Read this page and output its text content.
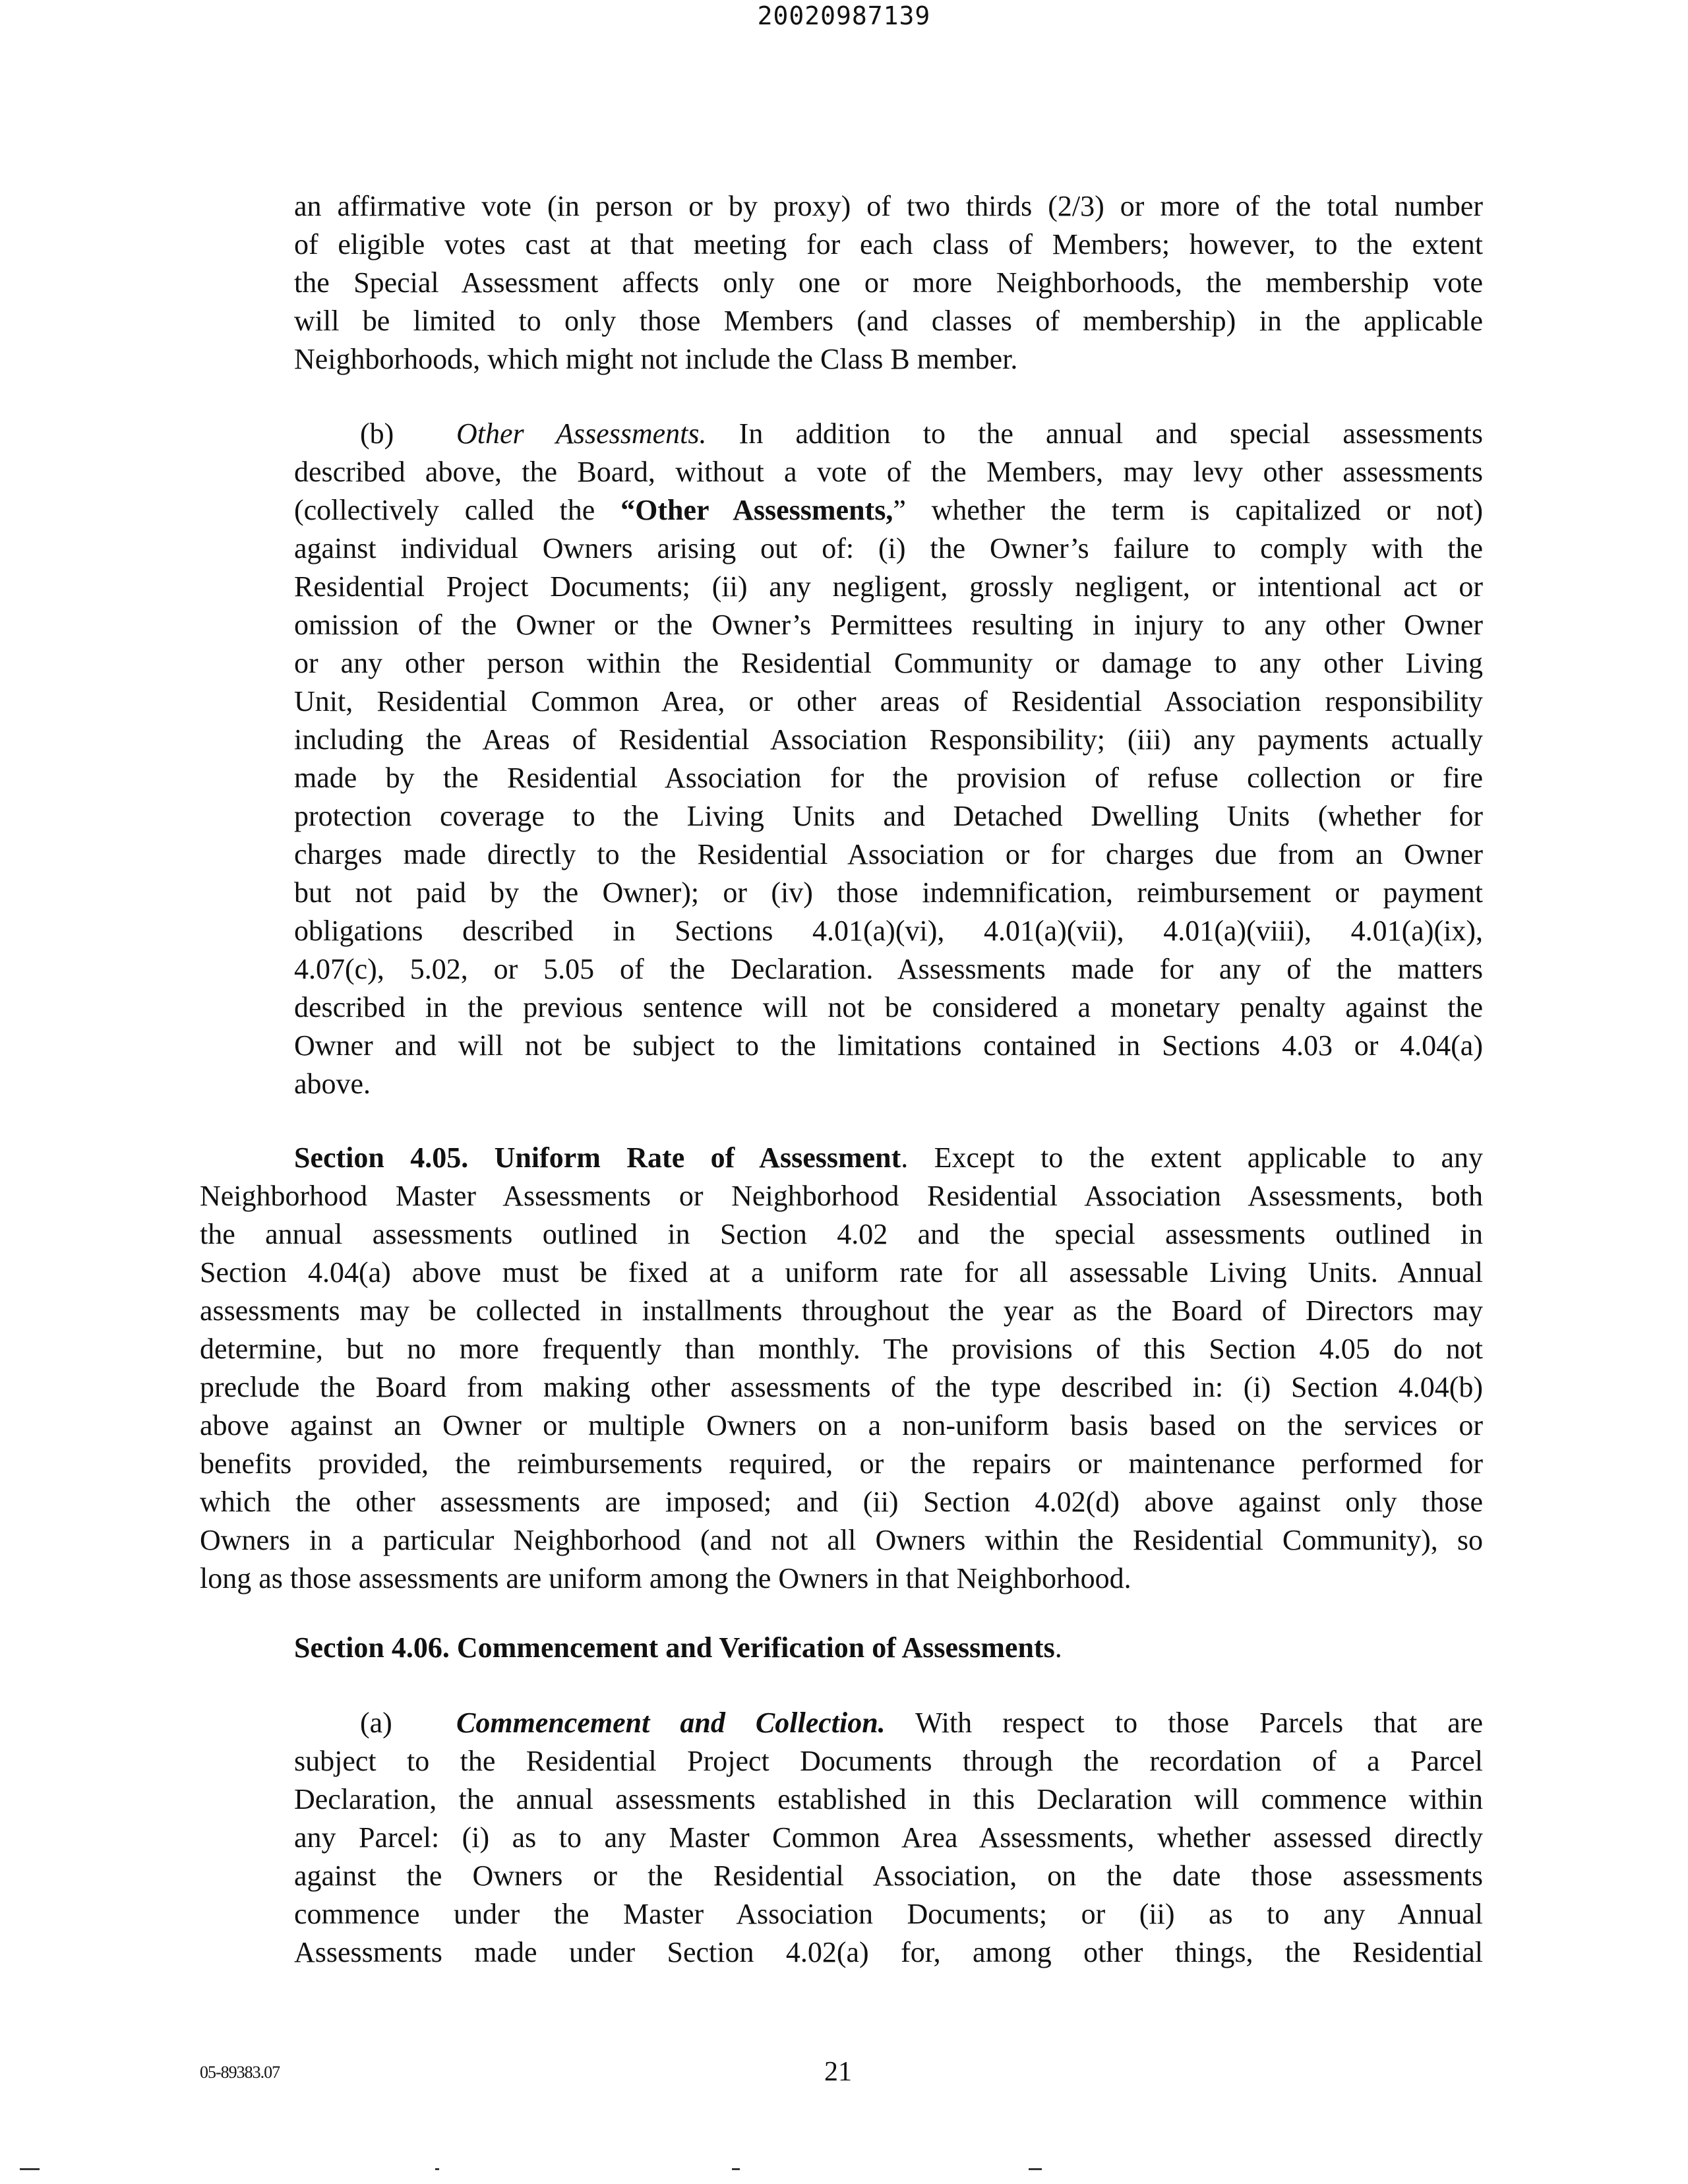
20020987139
an affirmative vote (in person or by proxy) of two thirds (2/3) or more of the total number
of eligible votes cast at that meeting for each class of Members; however, to the extent
the Special Assessment affects only one or more Neighborhoods, the membership vote
will be limited to only those Members (and classes of membership) in the applicable
Neighborhoods, which might not include the Class B member.
(b) Other Assessments. In addition to the annual and special assessments
described above, the Board, without a vote of the Members, may levy other assessments
(collectively called the “Other Assessments,” whether the term is capitalized or not)
against individual Owners arising out of: (i) the Owner’s failure to comply with the
Residential Project Documents; (ii) any negligent, grossly negligent, or intentional act or
omission of the Owner or the Owner’s Permittees resulting in injury to any other Owner
or any other person within the Residential Community or damage to any other Living
Unit, Residential Common Area, or other areas of Residential Association responsibility
including the Areas of Residential Association Responsibility; (iii) any payments actually
made by the Residential Association for the provision of refuse collection or fire
protection coverage to the Living Units and Detached Dwelling Units (whether for
charges made directly to the Residential Association or for charges due from an Owner
but not paid by the Owner); or (iv) those indemnification, reimbursement or payment
obligations described in Sections 4.01(a)(vi), 4.01(a)(vii), 4.01(a)(viii), 4.01(a)(ix),
4.07(c), 5.02, or 5.05 of the Declaration. Assessments made for any of the matters
described in the previous sentence will not be considered a monetary penalty against the
Owner and will not be subject to the limitations contained in Sections 4.03 or 4.04(a)
above.
Section 4.05. Uniform Rate of Assessment. Except to the extent applicable to any
Neighborhood Master Assessments or Neighborhood Residential Association Assessments, both
the annual assessments outlined in Section 4.02 and the special assessments outlined in
Section 4.04(a) above must be fixed at a uniform rate for all assessable Living Units. Annual
assessments may be collected in installments throughout the year as the Board of Directors may
determine, but no more frequently than monthly. The provisions of this Section 4.05 do not
preclude the Board from making other assessments of the type described in: (i) Section 4.04(b)
above against an Owner or multiple Owners on a non-uniform basis based on the services or
benefits provided, the reimbursements required, or the repairs or maintenance performed for
which the other assessments are imposed; and (ii) Section 4.02(d) above against only those
Owners in a particular Neighborhood (and not all Owners within the Residential Community), so
long as those assessments are uniform among the Owners in that Neighborhood.
Section 4.06. Commencement and Verification of Assessments.
(a) Commencement and Collection. With respect to those Parcels that are
subject to the Residential Project Documents through the recordation of a Parcel
Declaration, the annual assessments established in this Declaration will commence within
any Parcel: (i) as to any Master Common Area Assessments, whether assessed directly
against the Owners or the Residential Association, on the date those assessments
commence under the Master Association Documents; or (ii) as to any Annual
Assessments made under Section 4.02(a) for, among other things, the Residential
05-89383.07	21
